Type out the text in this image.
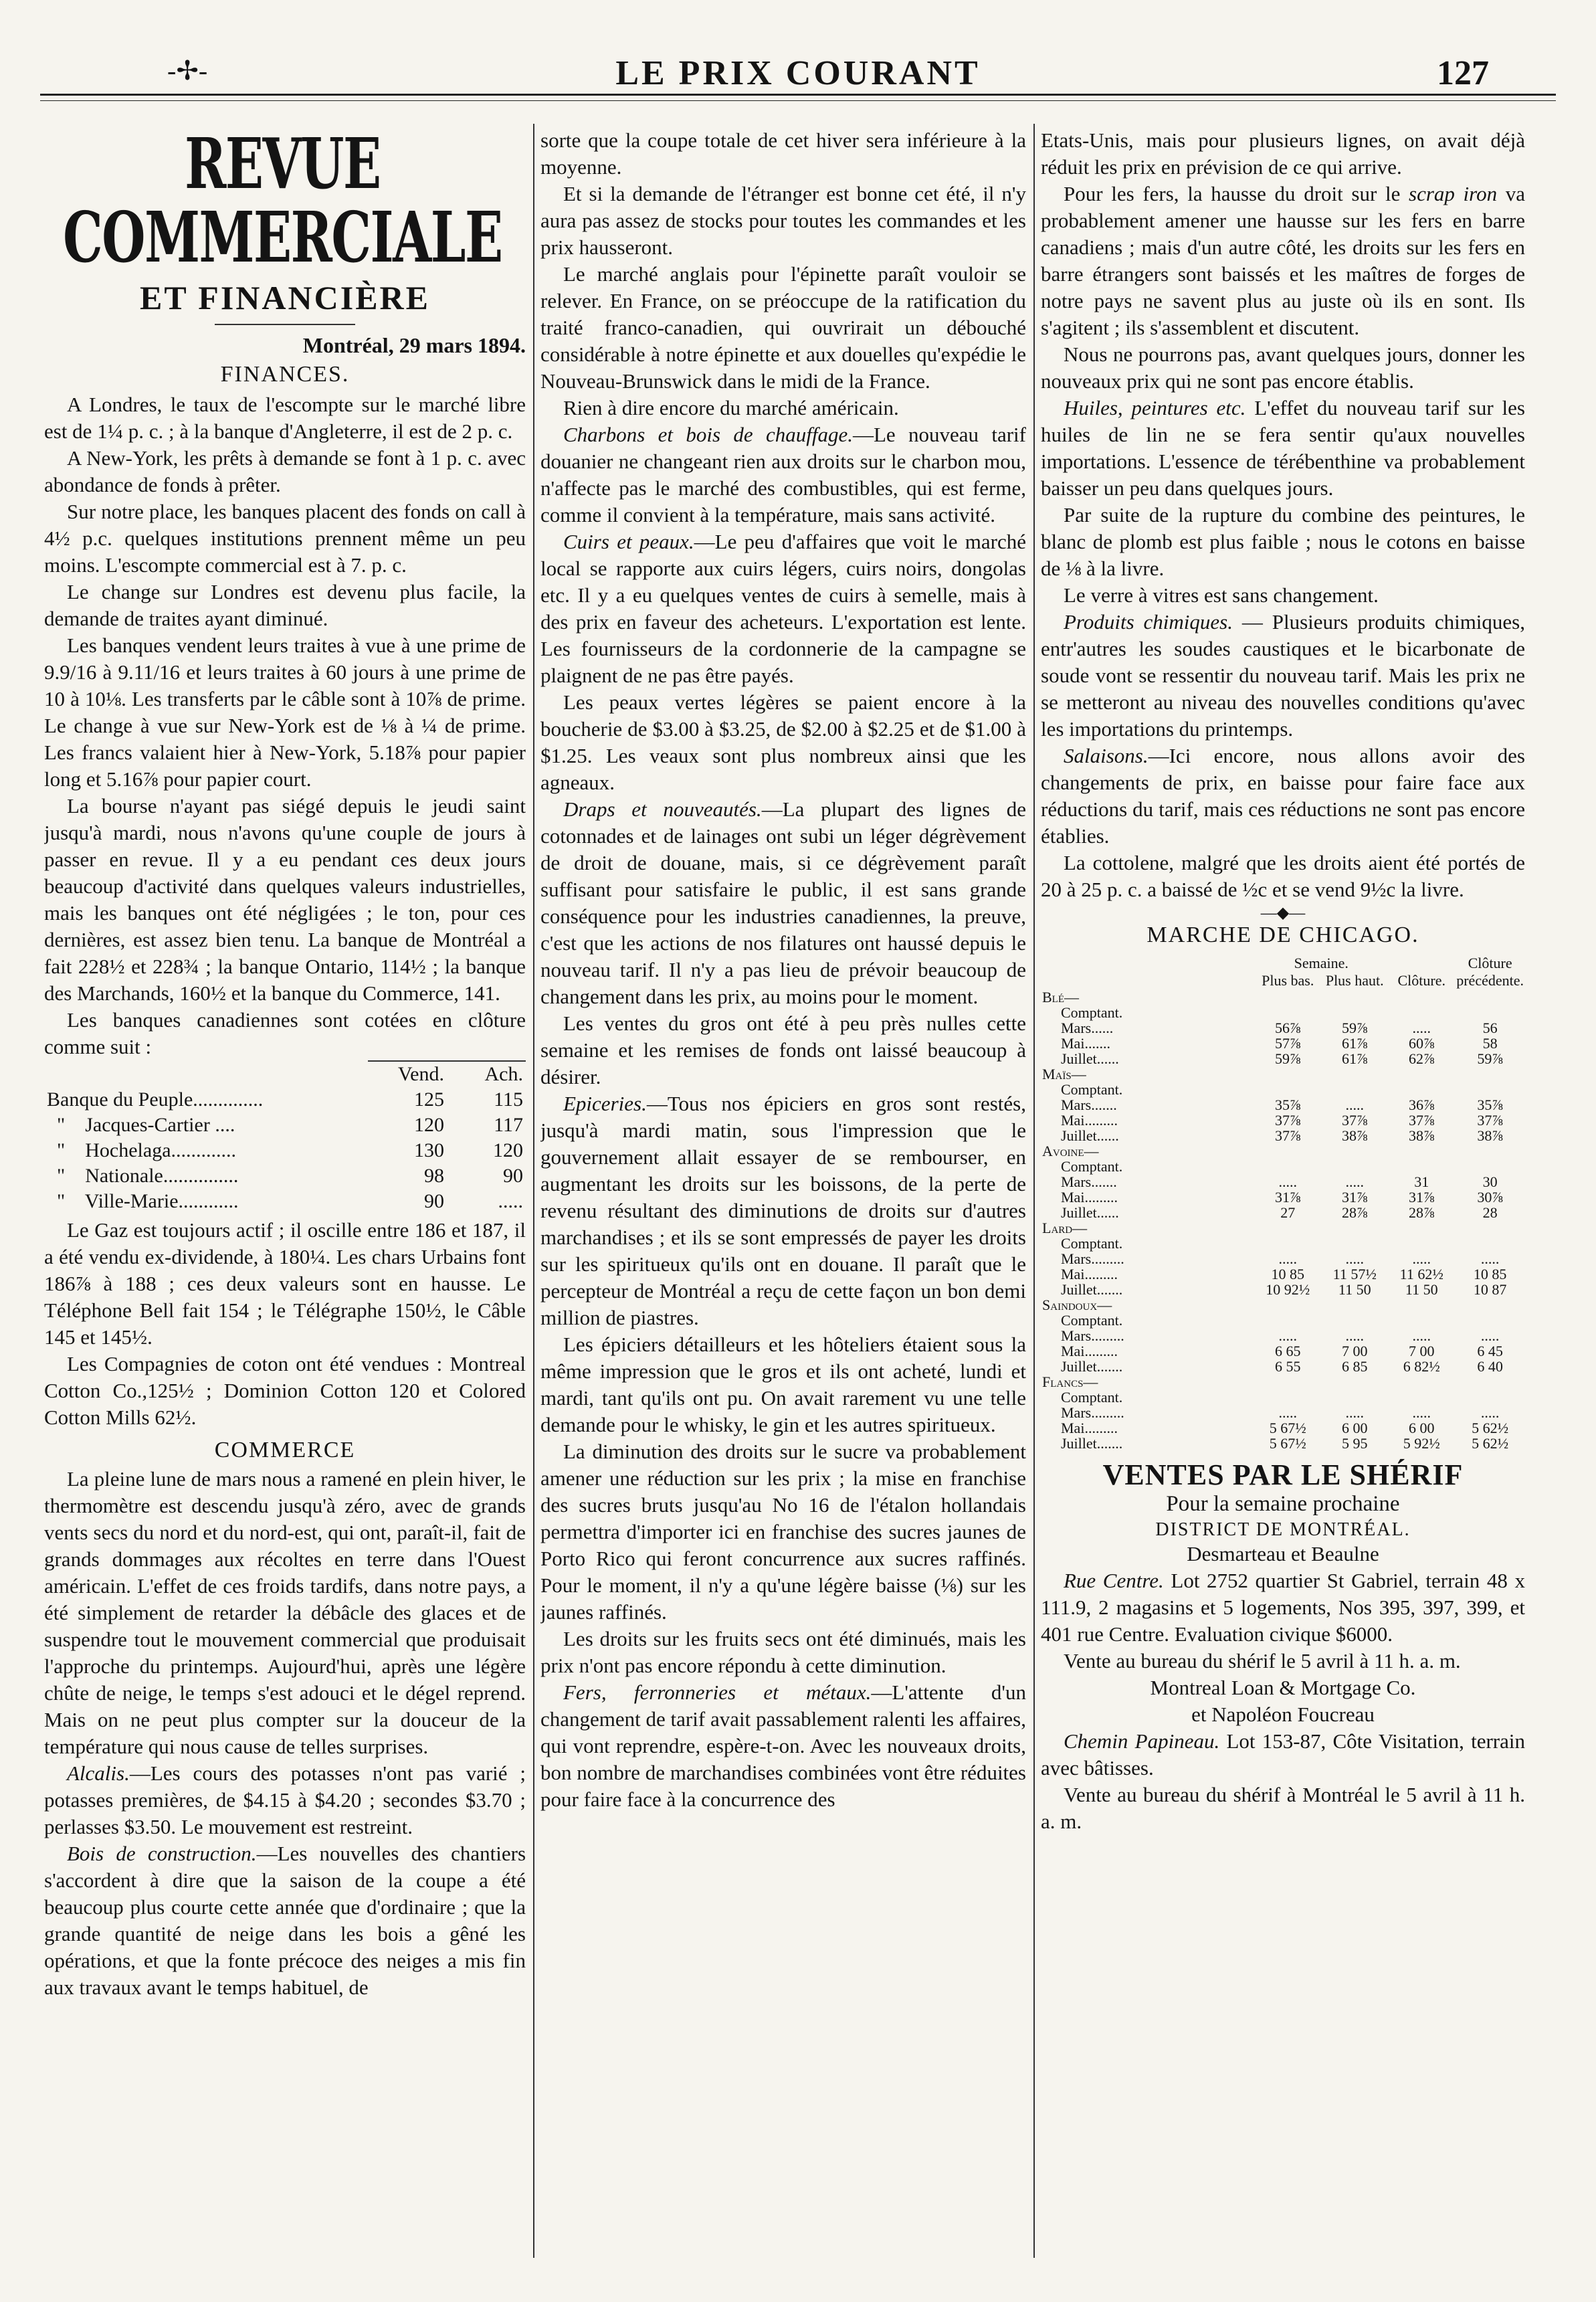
-✢-	LE PRIX COURANT	127
REVUE COMMERCIALE
ET FINANCIÈRE
Montréal, 29 mars 1894.
FINANCES.

A Londres, le taux de l'escompte sur le marché libre est de 1¼ p. c. ; à la banque d'Angleterre, il est de 2 p. c.

A New-York, les prêts à demande se font à 1 p. c. avec abondance de fonds à prêter.

Sur notre place, les banques placent des fonds on call à 4½ p.c. quelques institutions prennent même un peu moins. L'escompte commercial est à 7. p. c.

Le change sur Londres est devenu plus facile, la demande de traites ayant diminué.

Les banques vendent leurs traites à vue à une prime de 9.9/16 à 9.11/16 et leurs traites à 60 jours à une prime de 10 à 10⅛. Les transferts par le câble sont à 10⅞ de prime. Le change à vue sur New-York est de ⅛ à ¼ de prime. Les francs valaient hier à New-York, 5.18⅞ pour papier long et 5.16⅞ pour papier court.

La bourse n'ayant pas siégé depuis le jeudi saint jusqu'à mardi, nous n'avons qu'une couple de jours à passer en revue. Il y a eu pendant ces deux jours beaucoup d'activité dans quelques valeurs industrielles, mais les banques ont été négligées ; le ton, pour ces dernières, est assez bien tenu. La banque de Montréal a fait 228½ et 228¾ ; la banque Ontario, 114½ ; la banque des Marchands, 160½ et la banque du Commerce, 141.

Les banques canadiennes sont cotées en clôture comme suit :

	Vend.	Ach.
Banque du Peuple..............	125	115
"    Jacques-Cartier ....	120	117
"    Hochelaga.............	130	120
"    Nationale...............	98	90
"    Ville-Marie............	90	.....

Le Gaz est toujours actif ; il oscille entre 186 et 187, il a été vendu ex-dividende, à 180¼. Les chars Urbains font 186⅞ à 188 ; ces deux valeurs sont en hausse. Le Téléphone Bell fait 154 ; le Télégraphe 150½, le Câble 145 et 145½.

Les Compagnies de coton ont été vendues : Montreal Cotton Co.,125½ ; Dominion Cotton 120 et Colored Cotton Mills 62½.

COMMERCE

La pleine lune de mars nous a ramené en plein hiver, le thermomètre est descendu jusqu'à zéro, avec de grands vents secs du nord et du nord-est, qui ont, paraît-il, fait de grands dommages aux récoltes en terre dans l'Ouest américain. L'effet de ces froids tardifs, dans notre pays, a été simplement de retarder la débâcle des glaces et de suspendre tout le mouvement commercial que produisait l'approche du printemps. Aujourd'hui, après une légère chûte de neige, le temps s'est adouci et le dégel reprend. Mais on ne peut plus compter sur la douceur de la température qui nous cause de telles surprises.

Alcalis.—Les cours des potasses n'ont pas varié ; potasses premières, de $4.15 à $4.20 ; secondes $3.70 ; perlasses $3.50. Le mouvement est restreint.

Bois de construction.—Les nouvelles des chantiers s'accordent à dire que la saison de la coupe a été beaucoup plus courte cette année que d'ordinaire ; que la grande quantité de neige dans les bois a gêné les opérations, et que la fonte précoce des neiges a mis fin aux travaux avant le temps habituel, de

sorte que la coupe totale de cet hiver sera inférieure à la moyenne.

Et si la demande de l'étranger est bonne cet été, il n'y aura pas assez de stocks pour toutes les commandes et les prix hausseront.

Le marché anglais pour l'épinette paraît vouloir se relever. En France, on se préoccupe de la ratification du traité franco-canadien, qui ouvrirait un débouché considérable à notre épinette et aux douelles qu'expédie le Nouveau-Brunswick dans le midi de la France.

Rien à dire encore du marché américain.

Charbons et bois de chauffage.—Le nouveau tarif douanier ne changeant rien aux droits sur le charbon mou, n'affecte pas le marché des combustibles, qui est ferme, comme il convient à la température, mais sans activité.

Cuirs et peaux.—Le peu d'affaires que voit le marché local se rapporte aux cuirs légers, cuirs noirs, dongolas etc. Il y a eu quelques ventes de cuirs à semelle, mais à des prix en faveur des acheteurs. L'exportation est lente. Les fournisseurs de la cordonnerie de la campagne se plaignent de ne pas être payés.

Les peaux vertes légères se paient encore à la boucherie de $3.00 à $3.25, de $2.00 à $2.25 et de $1.00 à $1.25. Les veaux sont plus nombreux ainsi que les agneaux.

Draps et nouveautés.—La plupart des lignes de cotonnades et de lainages ont subi un léger dégrèvement de droit de douane, mais, si ce dégrèvement paraît suffisant pour satisfaire le public, il est sans grande conséquence pour les industries canadiennes, la preuve, c'est que les actions de nos filatures ont haussé depuis le nouveau tarif. Il n'y a pas lieu de prévoir beaucoup de changement dans les prix, au moins pour le moment.

Les ventes du gros ont été à peu près nulles cette semaine et les remises de fonds ont laissé beaucoup à désirer.

Epiceries.—Tous nos épiciers en gros sont restés, jusqu'à mardi matin, sous l'impression que le gouvernement allait essayer de se rembourser, en augmentant les droits sur les boissons, de la perte de revenu résultant des diminutions de droits sur d'autres marchandises ; et ils se sont empressés de payer les droits sur les spiritueux qu'ils ont en douane. Il paraît que le percepteur de Montréal a reçu de cette façon un bon demi million de piastres.

Les épiciers détailleurs et les hôteliers étaient sous la même impression que le gros et ils ont acheté, lundi et mardi, tant qu'ils ont pu. On avait rarement vu une telle demande pour le whisky, le gin et les autres spiritueux.

La diminution des droits sur le sucre va probablement amener une réduction sur les prix ; la mise en franchise des sucres bruts jusqu'au No 16 de l'étalon hollandais permettra d'importer ici en franchise des sucres jaunes de Porto Rico qui feront concurrence aux sucres raffinés. Pour le moment, il n'y a qu'une légère baisse (⅛) sur les jaunes raffinés.

Les droits sur les fruits secs ont été diminués, mais les prix n'ont pas encore répondu à cette diminution.

Fers, ferronneries et métaux.—L'attente d'un changement de tarif avait passablement ralenti les affaires, qui vont reprendre, espère-t-on. Avec les nouveaux droits, bon nombre de marchandises combinées vont être réduites pour faire face à la concurrence des

Etats-Unis, mais pour plusieurs lignes, on avait déjà réduit les prix en prévision de ce qui arrive.

Pour les fers, la hausse du droit sur le scrap iron va probablement amener une hausse sur les fers en barre canadiens ; mais d'un autre côté, les droits sur les fers en barre étrangers sont baissés et les maîtres de forges de notre pays ne savent plus au juste où ils en sont. Ils s'agitent ; ils s'assemblent et discutent.

Nous ne pourrons pas, avant quelques jours, donner les nouveaux prix qui ne sont pas encore établis.

Huiles, peintures etc. L'effet du nouveau tarif sur les huiles de lin ne se fera sentir qu'aux nouvelles importations. L'essence de térébenthine va probablement baisser un peu dans quelques jours.

Par suite de la rupture du combine des peintures, le blanc de plomb est plus faible ; nous le cotons en baisse de ⅛ à la livre.

Le verre à vitres est sans changement.

Produits chimiques. — Plusieurs produits chimiques, entr'autres les soudes caustiques et le bicarbonate de soude vont se ressentir du nouveau tarif. Mais les prix ne se metteront au niveau des nouvelles conditions qu'avec les importations du printemps.

Salaisons.—Ici encore, nous allons avoir des changements de prix, en baisse pour faire face aux réductions du tarif, mais ces réductions ne sont pas encore établies.

La cottolene, malgré que les droits aient été portés de 20 à 25 p. c. a baissé de ½c et se vend 9½c la livre.

—◆—
MARCHE DE CHICAGO.
	Semaine.		Clôture.	Clôture précédente.
	Plus bas.	Plus haut.		
Blé—				
Comptant.				
Mars......	56⅞	59⅞	.....	56
Mai.......	57⅞	61⅞	60⅞	58
Juillet......	59⅞	61⅞	62⅞	59⅞
Maïs—				
Comptant.				
Mars.......	35⅞	.....	36⅞	35⅞
Mai.........	37⅞	37⅞	37⅞	37⅞
Juillet......	37⅞	38⅞	38⅞	38⅞
Avoine—				
Comptant.				
Mars.......	.....	.....	31	30
Mai.........	31⅞	31⅞	31⅞	30⅞
Juillet......	27	28⅞	28⅞	28
Lard—				
Comptant.				
Mars.........	.....	.....	.....	.....
Mai.........	10 85	11 57½	11 62½	10 85
Juillet.......	10 92½	11 50	11 50	10 87
Saindoux—				
Comptant.				
Mars.........	.....	.....	.....	.....
Mai.........	6 65	7 00	7 00	6 45
Juillet.......	6 55	6 85	6 82½	6 40
Flancs—				
Comptant.				
Mars.........	.....	.....	.....	.....
Mai.........	5 67½	6 00	6 00	5 62½
Juillet.......	5 67½	5 95	5 92½	5 62½
VENTES PAR LE SHÉRIF
Pour la semaine prochaine
DISTRICT DE MONTRÉAL.

Desmarteau et Beaulne

Rue Centre. Lot 2752 quartier St Gabriel, terrain 48 x 111.9, 2 magasins et 5 logements, Nos 395, 397, 399, et 401 rue Centre. Evaluation civique $6000.

Vente au bureau du shérif le 5 avril à 11 h. a. m.

Montreal Loan & Mortgage Co.

et Napoléon Foucreau

Chemin Papineau. Lot 153-87, Côte Visitation, terrain avec bâtisses.

Vente au bureau du shérif à Montréal le 5 avril à 11 h. a. m.
